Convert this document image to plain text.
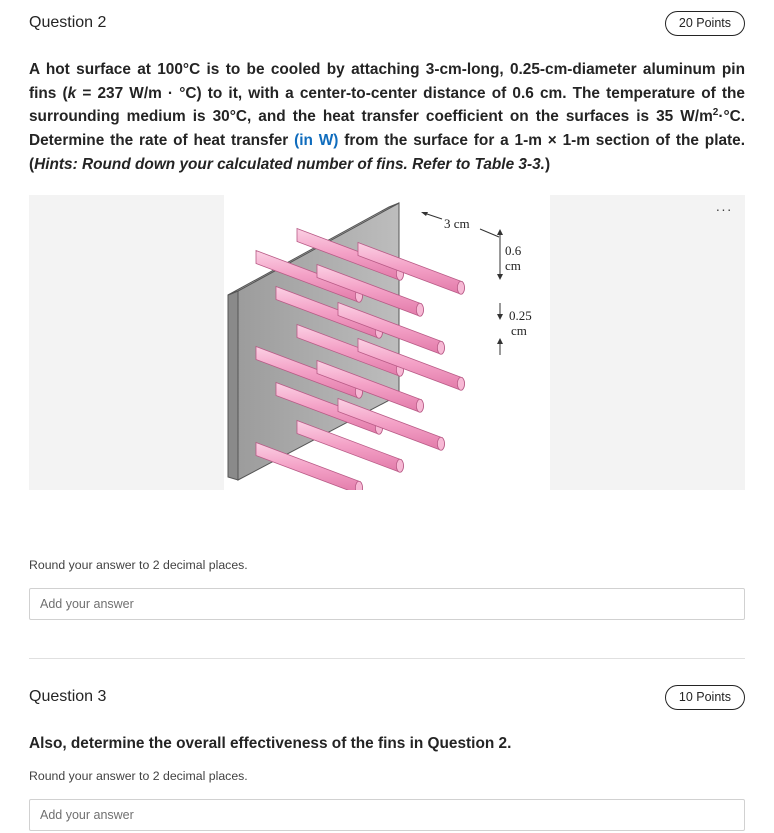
Question 2	20 Points
A hot surface at 100°C is to be cooled by attaching 3-cm-long, 0.25-cm-diameter aluminum pin fins (k = 237 W/m · °C) to it, with a center-to-center distance of 0.6 cm. The temperature of the surrounding medium is 30°C, and the heat transfer coefficient on the surfaces is 35 $W/m^2\cdot^\circ C$. Determine the rate of heat transfer (in W) from the surface for a 1-m × 1-m section of the plate. (Hints: Round down your calculated number of fins. Refer to Table 3-3.)
3 cm
0.6
cm
0.25
cm
···
Round your answer to 2 decimal places.
Add your answer
Question 3	10 Points
Also, determine the overall effectiveness of the fins in Question 2.
Round your answer to 2 decimal places.
Add your answer
